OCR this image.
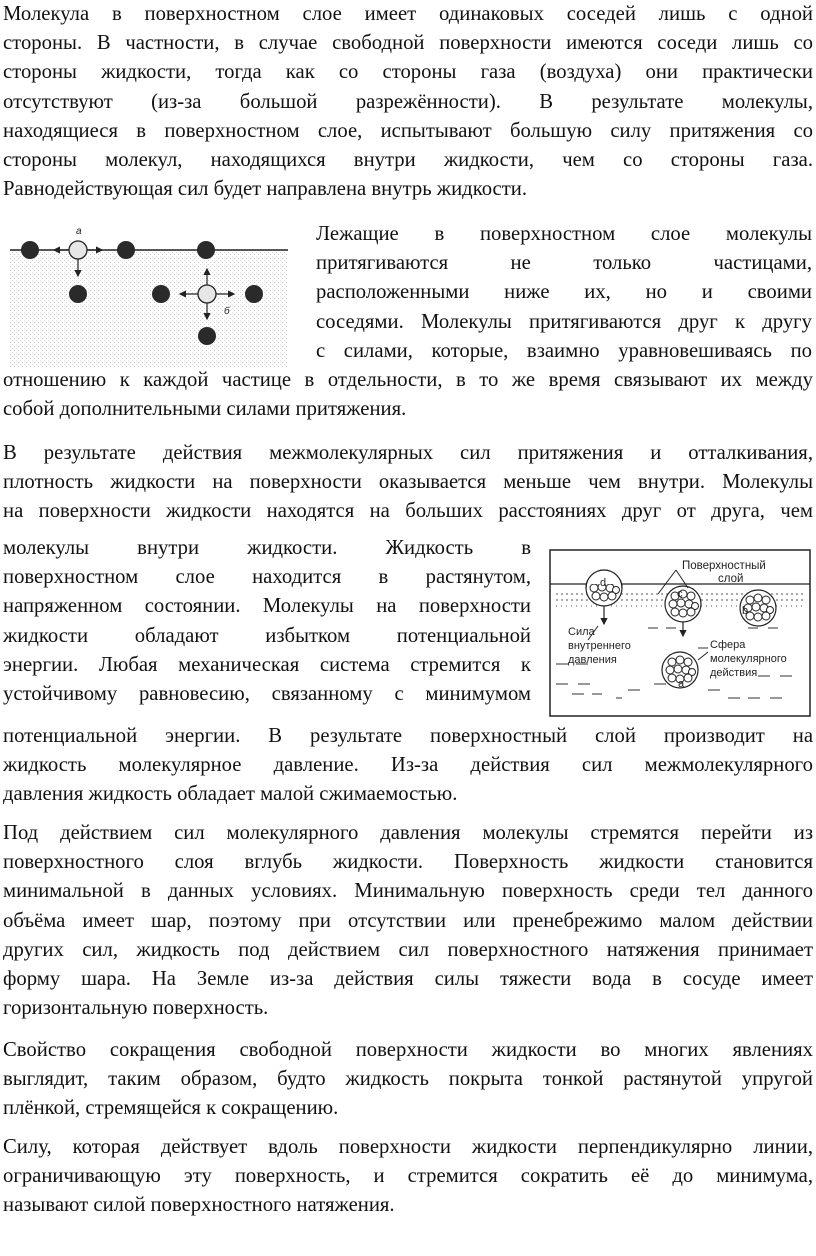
Молекула в поверхностном слое имеет одинаковых соседей лишь с одной
стороны. В частности, в случае свободной поверхности имеются соседи лишь со
стороны жидкости, тогда как со стороны газа (воздуха) они практически
отсутствуют (из-за большой разрежённости). В результате молекулы,
находящиеся в поверхностном слое, испытывают большую силу притяжения со
стороны молекул, находящихся внутри жидкости, чем со стороны газа.
Равнодействующая сил будет направлена внутрь жидкости.
a
б
Лежащие в поверхностном слое молекулы
притягиваются не только частицами,
расположенными ниже их, но и своими
соседями. Молекулы притягиваются друг к другу
с силами, которые, взаимно уравновешиваясь по
отношению к каждой частице в отдельности, в то же время связывают их между
собой дополнительными силами притяжения.
В результате действия межмолекулярных сил притяжения и отталкивания,
плотность жидкости на поверхности оказывается меньше чем внутри. Молекулы
на поверхности жидкости находятся на больших расстояниях друг от друга, чем
молекулы внутри жидкости. Жидкость в
поверхностном слое находится в растянутом,
напряженном состоянии. Молекулы на поверхности
жидкости обладают избытком потенциальной
энергии. Любая механическая система стремится к
устойчивому равновесию, связанному с минимумом
потенциальной энергии. В результате поверхностный слой производит на
жидкость молекулярное давление. Из-за действия сил межмолекулярного
давления жидкость обладает малой сжимаемостью.
d
c
b
a
Поверхностный
слой
Сила
внутреннего
давления
Сфера
молекулярного
действия
Под действием сил молекулярного давления молекулы стремятся перейти из
поверхностного слоя вглубь жидкости. Поверхность жидкости становится
минимальной в данных условиях. Минимальную поверхность среди тел данного
объёма имеет шар, поэтому при отсутствии или пренебрежимо малом действии
других сил, жидкость под действием сил поверхностного натяжения принимает
форму шара. На Земле из-за действия силы тяжести вода в сосуде имеет
горизонтальную поверхность.
Свойство сокращения свободной поверхности жидкости во многих явлениях
выглядит, таким образом, будто жидкость покрыта тонкой растянутой упругой
плёнкой, стремящейся к сокращению.
Силу, которая действует вдоль поверхности жидкости перпендикулярно линии,
ограничивающую эту поверхность, и стремится сократить её до минимума,
называют силой поверхностного натяжения.
